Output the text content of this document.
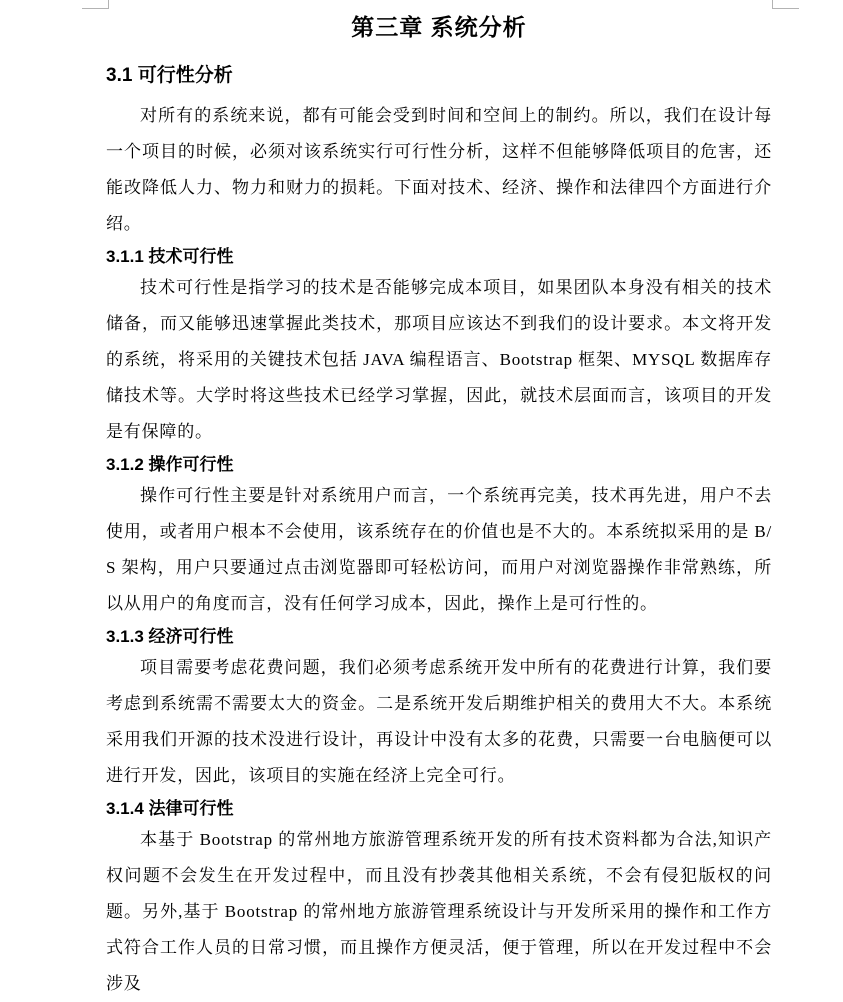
第三章 系统分析
3.1 可行性分析

对所有的系统来说，都有可能会受到时间和空间上的制约。所以，我们在设计每一个项目的时候，必须对该系统实行可行性分析，这样不但能够降低项目的危害，还能改降低人力、物力和财力的损耗。下面对技术、经济、操作和法律四个方面进行介绍。

3.1.1 技术可行性

技术可行性是指学习的技术是否能够完成本项目，如果团队本身没有相关的技术储备，而又能够迅速掌握此类技术，那项目应该达不到我们的设计要求。本文将开发的系统，将采用的关键技术包括 JAVA 编程语言、Bootstrap 框架、MYSQL 数据库存储技术等。大学时将这些技术已经学习掌握，因此，就技术层面而言，该项目的开发是有保障的。

3.1.2 操作可行性

操作可行性主要是针对系统用户而言，一个系统再完美，技术再先进，用户不去使用，或者用户根本不会使用，该系统存在的价值也是不大的。本系统拟采用的是 B/S 架构，用户只要通过点击浏览器即可轻松访问，而用户对浏览器操作非常熟练，所以从用户的角度而言，没有任何学习成本，因此，操作上是可行性的。

3.1.3 经济可行性

项目需要考虑花费问题，我们必须考虑系统开发中所有的花费进行计算，我们要考虑到系统需不需要太大的资金。二是系统开发后期维护相关的费用大不大。本系统采用我们开源的技术没进行设计，再设计中没有太多的花费，只需要一台电脑便可以进行开发，因此，该项目的实施在经济上完全可行。

3.1.4 法律可行性

本基于 Bootstrap 的常州地方旅游管理系统开发的所有技术资料都为合法,知识产权问题不会发生在开发过程中，而且没有抄袭其他相关系统，不会有侵犯版权的问题。另外,基于 Bootstrap 的常州地方旅游管理系统设计与开发所采用的操作和工作方式符合工作人员的日常习惯，而且操作方便灵活，便于管理，所以在开发过程中不会涉及
